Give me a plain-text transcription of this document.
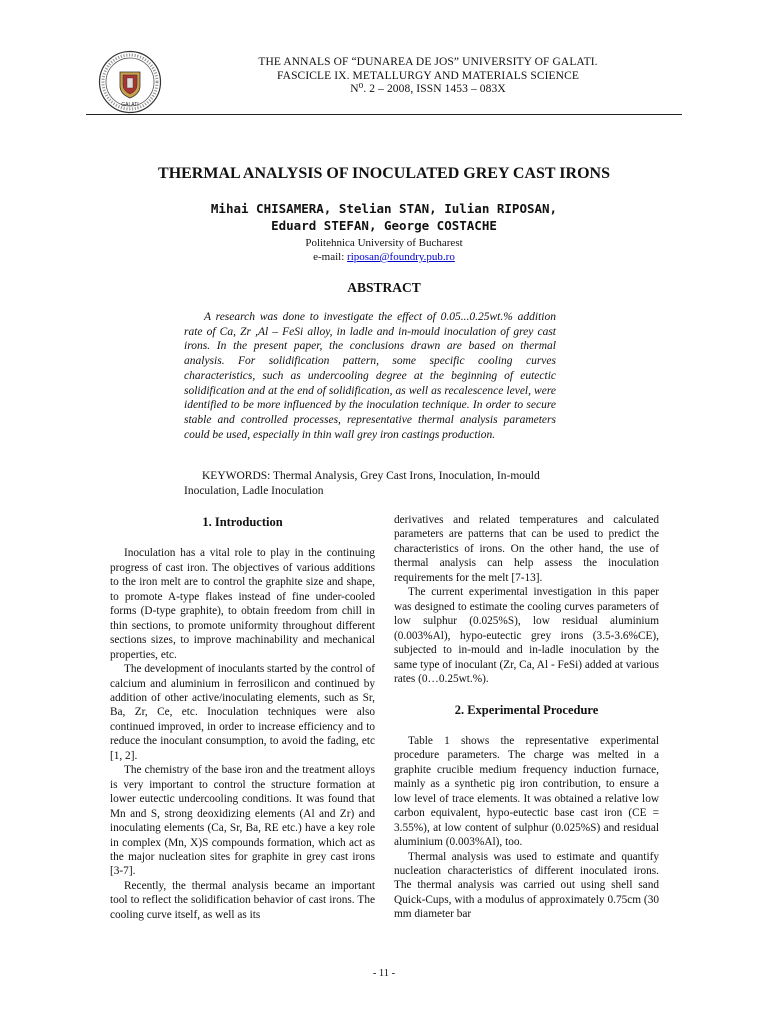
GALATI
THE ANNALS OF “DUNAREA DE JOS” UNIVERSITY OF GALATI.
FASCICLE IX. METALLURGY AND MATERIALS SCIENCE
N⁰. 2 – 2008, ISSN 1453 – 083X
THERMAL ANALYSIS OF INOCULATED GREY CAST IRONS
Mihai CHISAMERA, Stelian STAN, Iulian RIPOSAN,
Eduard STEFAN, George COSTACHE
Politehnica University of Bucharest
e-mail: riposan@foundry.pub.ro
ABSTRACT

A research was done to investigate the effect of 0.05...0.25wt.% addition rate of Ca, Zr ,Al – FeSi alloy, in ladle and in-mould inoculation of grey cast irons. In the present paper, the conclusions drawn are based on thermal analysis. For solidification pattern, some specific cooling curves characteristics, such as undercooling degree at the beginning of eutectic solidification and at the end of solidification, as well as recalescence level, were identified to be more influenced by the inoculation technique. In order to secure stable and controlled processes, representative thermal analysis parameters could be used, especially in thin wall grey iron castings production.

KEYWORDS: Thermal Analysis, Grey Cast Irons, Inoculation, In-mould Inoculation, Ladle Inoculation

1. Introduction

Inoculation has a vital role to play in the continuing progress of cast iron. The objectives of various additions to the iron melt are to control the graphite size and shape, to promote A-type flakes instead of fine under-cooled forms (D-type graphite), to obtain freedom from chill in thin sections, to promote uniformity throughout different sections sizes, to improve machinability and mechanical properties, etc.

The development of inoculants started by the control of calcium and aluminium in ferrosilicon and continued by addition of other active/inoculating elements, such as Sr, Ba, Zr, Ce, etc. Inoculation techniques were also continued improved, in order to increase efficiency and to reduce the inoculant consumption, to avoid the fading, etc [1, 2].

The chemistry of the base iron and the treatment alloys is very important to control the structure formation at lower eutectic undercooling conditions. It was found that Mn and S, strong deoxidizing elements (Al and Zr) and inoculating elements (Ca, Sr, Ba, RE etc.) have a key role in complex (Mn, X)S compounds formation, which act as the major nucleation sites for graphite in grey cast irons [3-7].

Recently, the thermal analysis became an important tool to reflect the solidification behavior of cast irons. The cooling curve itself, as well as its

derivatives and related temperatures and calculated parameters are patterns that can be used to predict the characteristics of irons. On the other hand, the use of thermal analysis can help assess the inoculation requirements for the melt [7-13].

The current experimental investigation in this paper was designed to estimate the cooling curves parameters of low sulphur (0.025%S), low residual aluminium (0.003%Al), hypo-eutectic grey irons (3.5-3.6%CE), subjected to in-mould and in-ladle inoculation by the same type of inoculant (Zr, Ca, Al - FeSi) added at various rates (0…0.25wt.%).

2. Experimental Procedure

Table 1 shows the representative experimental procedure parameters. The charge was melted in a graphite crucible medium frequency induction furnace, mainly as a synthetic pig iron contribution, to ensure a low level of trace elements. It was obtained a relative low carbon equivalent, hypo-eutectic base cast iron (CE = 3.55%), at low content of sulphur (0.025%S) and residual aluminium (0.003%Al), too.

Thermal analysis was used to estimate and quantify nucleation characteristics of different inoculated irons. The thermal analysis was carried out using shell sand Quick-Cups, with a modulus of approximately 0.75cm (30 mm diameter bar

- 11 -
